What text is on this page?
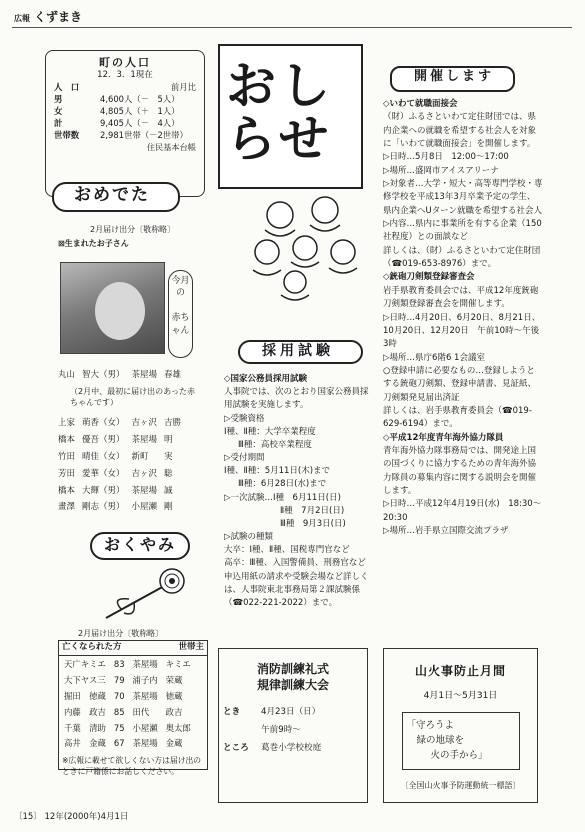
広報 くずまき
町の人口
12．3．1現在
人　口	前月比
男	4,600人（－　5人）
女	4,805人（＋　1人）
計	9,405人（－　4人）
世帯数	2,981世帯（－2世帯）
住民基本台帳
おめでた
2月届け出分〔敬称略〕
⊠生まれたお子さん
今月の

赤ちゃん
丸山	智大（男）	茶屋場	春雄
（2月中、最初に届け出のあった赤ちゃんです）
上家	萌香（女）	吉ヶ沢	吉勝
橋本	優吾（男）	茶屋場	明
竹田	晴佳（女）	新町	実
芳田	愛華（女）	吉ヶ沢	聡
橋本	大輝（男）	茶屋場	誠
畫澤	剛志（男）	小屋瀬	剛
おくやみ
2月届け出分〔敬称略〕
亡くなられた方	世帯主
天广キミエ	83	茶屋場	キミエ
大下ヤス三	79	浦子内	荣蔵
掘田　徳蔵	70	茶屋場	徳蔵
内藤　政吉	85	田代	政吉
千葉　清助	75	小屋瀬	奥太郎
高井　金蔵	67	茶屋場	金蔵
※広報に載せて欲しくない方は届け出のときに戸籍係にお話しください。
おしらせ
採用試験
◇国家公務員採用試験
人事院では、次のとおり国家公務員採用試験を実施します。
▷受験資格
Ⅰ種、Ⅱ種：大学卒業程度
Ⅲ種：高校卒業程度
▷受付期間
Ⅰ種、Ⅱ種：5月11日(木)まで
Ⅲ種：6月28日(水)まで
▷一次試験…Ⅰ種　6月11日(日)
Ⅱ種　7月2日(日)
Ⅲ種　9月3日(日)
▷試験の種類
大卒：Ⅰ種、Ⅱ種、国税専門官など
高卒：Ⅲ種、入国警備員、刑務官など申込用紙の請求や受験会場など詳しくは、人事院東北事務局第２課試験係（☎022-221-2022）まで。
消防訓練礼式
規律訓練大会
とき	4月23日（日）
午前9時～
ところ	葛巻小学校校庭
開催します
◇いわて就職面接会
（財）ふるさといわて定住財団では、県内企業への就職を希望する社会人を対象に「いわて就職面接会」を開催します。
▷日時…5月8日　12:00～17:00
▷場所…盛岡市アイスアリーナ
▷対象者…大学・短大・高等専門学校・専修学校を平成13年3月卒業予定の学生、県内企業へUターン就職を希望する社会人
▷内容…県内に事業所を有する企業（150社程度）との面談など
詳しくは、（財）ふるさといわて定住財団（☎019-653-8976）まで。
◇銃砲刀剣類登録審査会
岩手県教育委員会では、平成12年度銃砲刀剣類登録審査会を開催します。
▷日時…4月20日、6月20日、8月21日、10月20日、12月20日　午前10時～午後3時
▷場所…県庁6階6 1会議室
○登録申請に必要なもの…登録しようとする銃砲刀剣類、登録申請書、見証紙、刀剣類発見届出済証
詳しくは、岩手県教育委員会（☎019-629-6194）まで。
◇平成12年度青年海外協力隊員
青年海外協力隊事務局では、開発途上国の国づくりに協力するための青年海外協力隊員の募集内容に関する説明会を開催します。
▷日時…平成12年4月19日(水)　18:30～20:30
▷場所…岩手県立国際交流プラザ
山火事防止月間
4月1日～5月31日
「守ろうよ
緑の地球を
火の手から」
〔全国山火事予防運動統一標語〕
〔15〕 12年(2000年)4月1日
